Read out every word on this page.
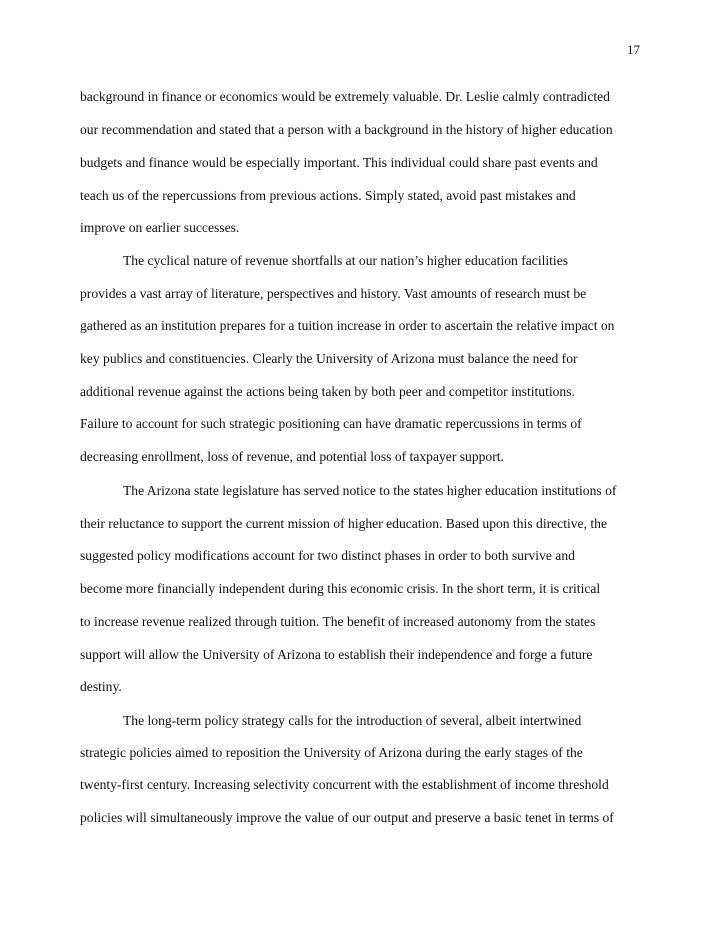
17
background in finance or economics would be extremely valuable. Dr. Leslie calmly contradicted
our recommendation and stated that a person with a background in the history of higher education
budgets and finance would be especially important. This individual could share past events and
teach us of the repercussions from previous actions. Simply stated, avoid past mistakes and
improve on earlier successes.
The cyclical nature of revenue shortfalls at our nation’s higher education facilities
provides a vast array of literature, perspectives and history. Vast amounts of research must be
gathered as an institution prepares for a tuition increase in order to ascertain the relative impact on
key publics and constituencies. Clearly the University of Arizona must balance the need for
additional revenue against the actions being taken by both peer and competitor institutions.
Failure to account for such strategic positioning can have dramatic repercussions in terms of
decreasing enrollment, loss of revenue, and potential loss of taxpayer support.
The Arizona state legislature has served notice to the states higher education institutions of
their reluctance to support the current mission of higher education. Based upon this directive, the
suggested policy modifications account for two distinct phases in order to both survive and
become more financially independent during this economic crisis. In the short term, it is critical
to increase revenue realized through tuition. The benefit of increased autonomy from the states
support will allow the University of Arizona to establish their independence and forge a future
destiny.
The long-term policy strategy calls for the introduction of several, albeit intertwined
strategic policies aimed to reposition the University of Arizona during the early stages of the
twenty-first century. Increasing selectivity concurrent with the establishment of income threshold
policies will simultaneously improve the value of our output and preserve a basic tenet in terms of
